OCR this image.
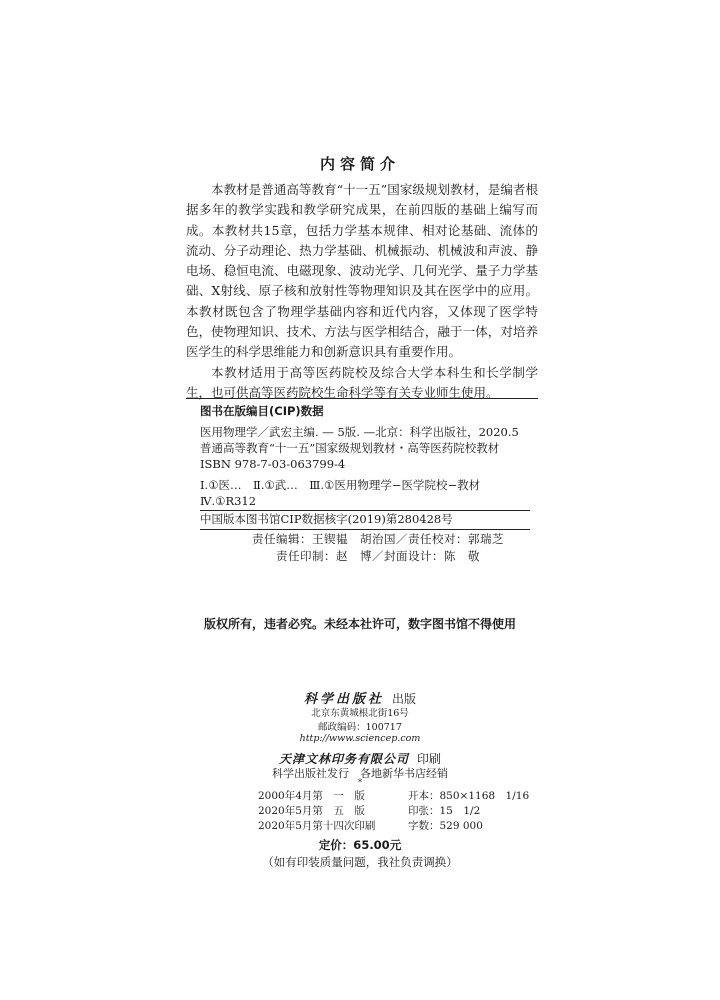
内容简介

本教材是普通高等教育“十一五”国家级规划教材，是编者根据多年的教学实践和教学研究成果，在前四版的基础上编写而成。本教材共15章，包括力学基本规律、相对论基础、流体的流动、分子动理论、热力学基础、机械振动、机械波和声波、静电场、稳恒电流、电磁现象、波动光学、几何光学、量子力学基础、X射线、原子核和放射性等物理知识及其在医学中的应用。本教材既包含了物理学基础内容和近代内容，又体现了医学特色，使物理知识、技术、方法与医学相结合，融于一体，对培养医学生的科学思维能力和创新意识具有重要作用。

本教材适用于高等医药院校及综合大学本科生和长学制学生，也可供高等医药院校生命科学等有关专业师生使用。

图书在版编目(CIP)数据
医用物理学／武宏主编. — 5版. —北京：科学出版社，2020.5
普通高等教育“十一五”国家级规划教材・高等医药院校教材
ISBN 978-7-03-063799-4
Ⅰ.①医…　Ⅱ.①武…　Ⅲ.①医用物理学−医学院校−教材
Ⅳ.①R312
中国版本图书馆CIP数据核字(2019)第280428号
责任编辑：王锲韫　胡治国／责任校对：郭瑞芝
责任印制：赵　博／封面设计：陈　敬
版权所有，违者必究。未经本社许可，数字图书馆不得使用
科学出版社 出版
北京东黄城根北街16号
邮政编码：100717
http://www.sciencep.com
天津文林印务有限公司 印刷
科学出版社发行　各地新华书店经销
*
2000年4月第　一　版	开本：850×1168　1/16
2020年5月第　五　版	印张：15　1/2
2020年5月第十四次印刷	字数：529 000
定价：65.00元
（如有印装质量问题，我社负责调换）
